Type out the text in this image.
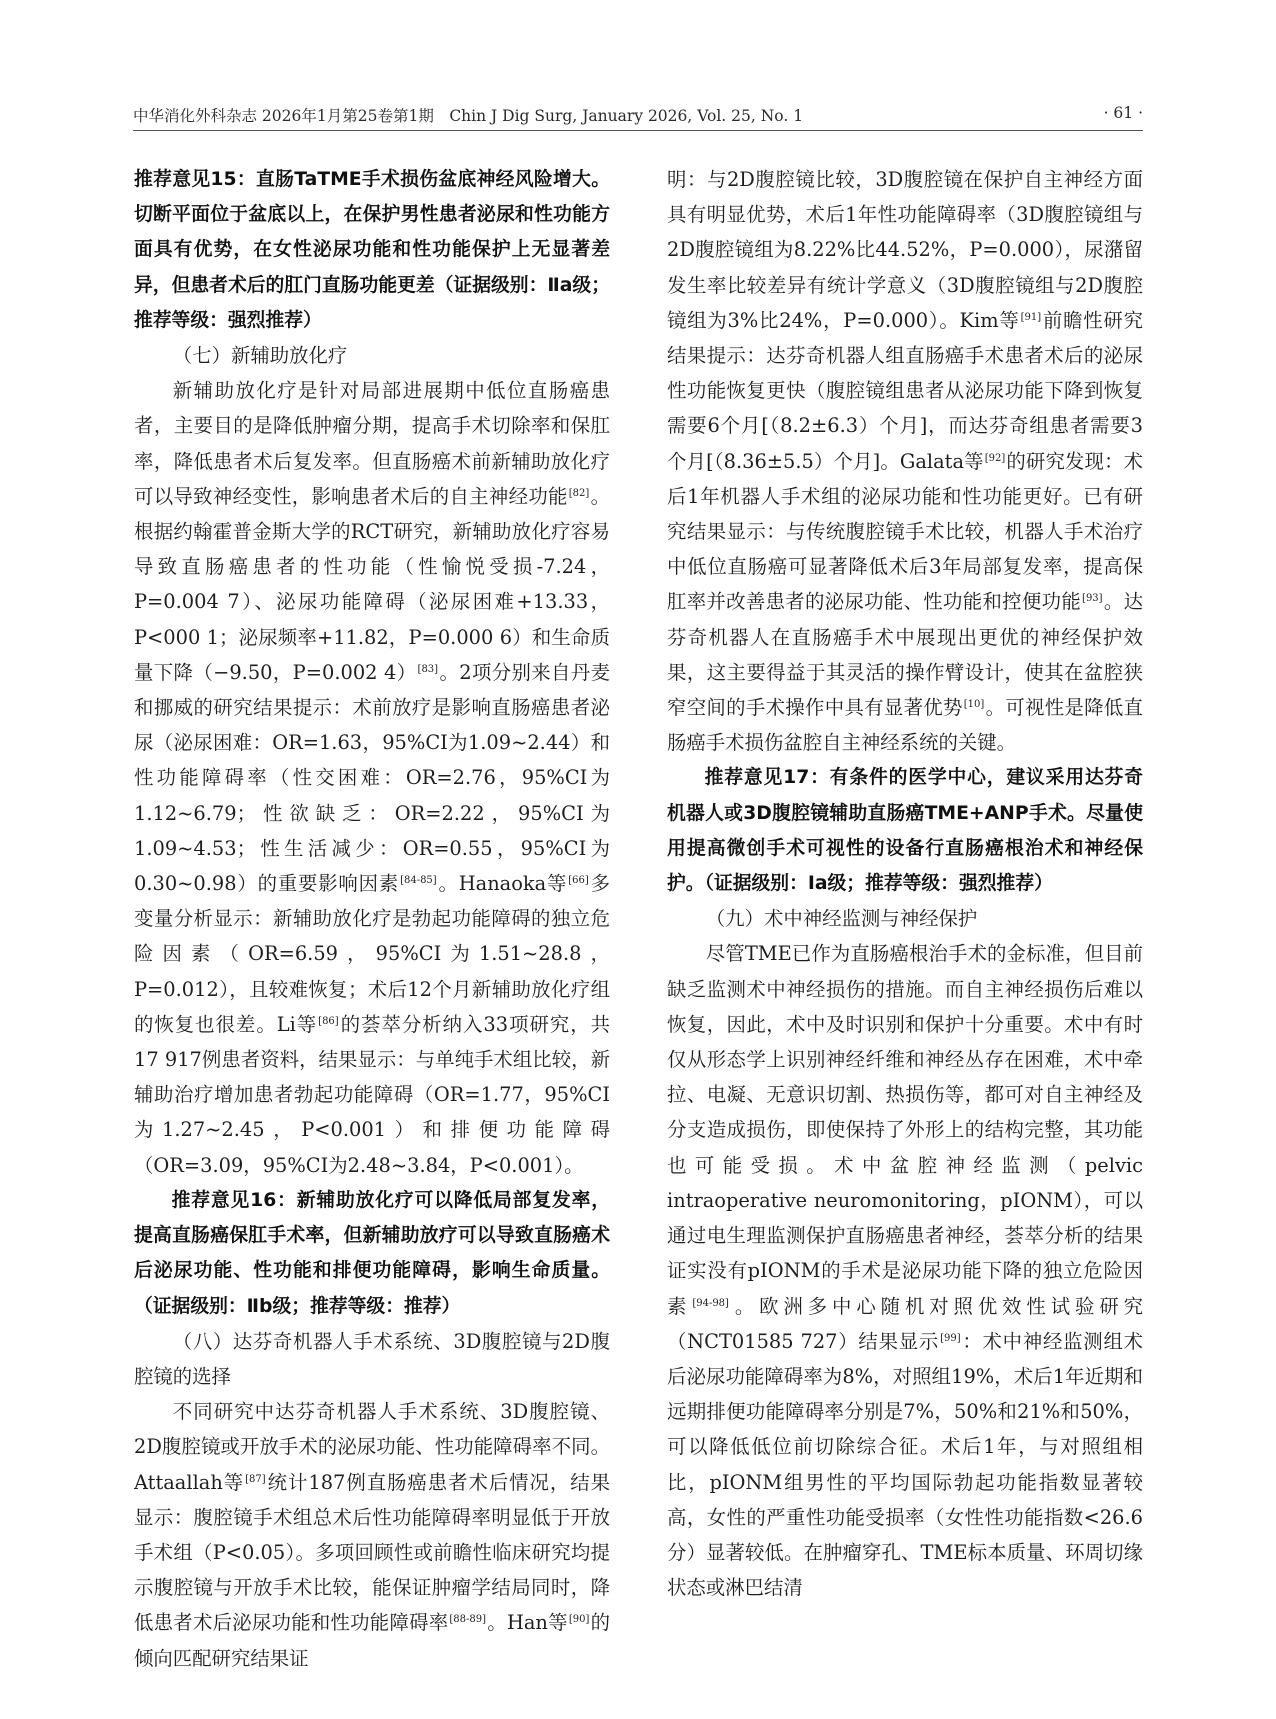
中华消化外科杂志 2026年1月第25卷第1期　Chin J Dig Surg, January 2026, Vol. 25, No. 1	· 61 ·

推荐意见15：直肠TaTME手术损伤盆底神经风险增大。切断平面位于盆底以上，在保护男性患者泌尿和性功能方面具有优势，在女性泌尿功能和性功能保护上无显著差异，但患者术后的肛门直肠功能更差（证据级别：Ⅱa级；推荐等级：强烈推荐）

（七）新辅助放化疗

新辅助放化疗是针对局部进展期中低位直肠癌患者，主要目的是降低肿瘤分期，提高手术切除率和保肛率，降低患者术后复发率。但直肠癌术前新辅助放化疗可以导致神经变性，影响患者术后的自主神经功能[82]。根据约翰霍普金斯大学的RCT研究，新辅助放化疗容易导致直肠癌患者的性功能（性愉悦受损-7.24，P=0.004 7）、泌尿功能障碍（泌尿困难+13.33，P<000 1；泌尿频率+11.82，P=0.000 6）和生命质量下降（−9.50，P=0.002 4）[83]。2项分别来自丹麦和挪威的研究结果提示：术前放疗是影响直肠癌患者泌尿（泌尿困难：OR=1.63，95%CI为1.09~2.44）和性功能障碍率（性交困难：OR=2.76，95%CI为1.12~6.79；性欲缺乏：OR=2.22，95%CI为1.09~4.53；性生活减少：OR=0.55，95%CI为0.30~0.98）的重要影响因素[84-85]。Hanaoka等[66]多变量分析显示：新辅助放化疗是勃起功能障碍的独立危险因素（OR=6.59，95%CI为1.51~28.8，P=0.012），且较难恢复；术后12个月新辅助放化疗组的恢复也很差。Li等[86]的荟萃分析纳入33项研究，共17 917例患者资料，结果显示：与单纯手术组比较，新辅助治疗增加患者勃起功能障碍（OR=1.77，95%CI为1.27~2.45，P<0.001）和排便功能障碍（OR=3.09，95%CI为2.48~3.84，P<0.001）。

推荐意见16：新辅助放化疗可以降低局部复发率，提高直肠癌保肛手术率，但新辅助放疗可以导致直肠癌术后泌尿功能、性功能和排便功能障碍，影响生命质量。（证据级别：Ⅱb级；推荐等级：推荐）

（八）达芬奇机器人手术系统、3D腹腔镜与2D腹腔镜的选择

不同研究中达芬奇机器人手术系统、3D腹腔镜、2D腹腔镜或开放手术的泌尿功能、性功能障碍率不同。Attaallah等[87]统计187例直肠癌患者术后情况，结果显示：腹腔镜手术组总术后性功能障碍率明显低于开放手术组（P<0.05）。多项回顾性或前瞻性临床研究均提示腹腔镜与开放手术比较，能保证肿瘤学结局同时，降低患者术后泌尿功能和性功能障碍率[88-89]。Han等[90]的倾向匹配研究结果证

明：与2D腹腔镜比较，3D腹腔镜在保护自主神经方面具有明显优势，术后1年性功能障碍率（3D腹腔镜组与2D腹腔镜组为8.22%比44.52%，P=0.000），尿潴留发生率比较差异有统计学意义（3D腹腔镜组与2D腹腔镜组为3%比24%，P=0.000）。Kim等[91]前瞻性研究结果提示：达芬奇机器人组直肠癌手术患者术后的泌尿性功能恢复更快（腹腔镜组患者从泌尿功能下降到恢复需要6个月[（8.2±6.3）个月]，而达芬奇组患者需要3个月[（8.36±5.5）个月]。Galata等[92]的研究发现：术后1年机器人手术组的泌尿功能和性功能更好。已有研究结果显示：与传统腹腔镜手术比较，机器人手术治疗中低位直肠癌可显著降低术后3年局部复发率，提高保肛率并改善患者的泌尿功能、性功能和控便功能[93]。达芬奇机器人在直肠癌手术中展现出更优的神经保护效果，这主要得益于其灵活的操作臂设计，使其在盆腔狭窄空间的手术操作中具有显著优势[10]。可视性是降低直肠癌手术损伤盆腔自主神经系统的关键。

推荐意见17：有条件的医学中心，建议采用达芬奇机器人或3D腹腔镜辅助直肠癌TME+ANP手术。尽量使用提高微创手术可视性的设备行直肠癌根治术和神经保护。（证据级别：Ⅰa级；推荐等级：强烈推荐）

（九）术中神经监测与神经保护

尽管TME已作为直肠癌根治手术的金标准，但目前缺乏监测术中神经损伤的措施。而自主神经损伤后难以恢复，因此，术中及时识别和保护十分重要。术中有时仅从形态学上识别神经纤维和神经丛存在困难，术中牵拉、电凝、无意识切割、热损伤等，都可对自主神经及分支造成损伤，即使保持了外形上的结构完整，其功能也可能受损。术中盆腔神经监测（pelvic intraoperative neuromonitoring，pIONM），可以通过电生理监测保护直肠癌患者神经，荟萃分析的结果证实没有pIONM的手术是泌尿功能下降的独立危险因素[94-98]。欧洲多中心随机对照优效性试验研究（NCT01585 727）结果显示[99]：术中神经监测组术后泌尿功能障碍率为8%，对照组19%，术后1年近期和远期排便功能障碍率分别是7%，50%和21%和50%，可以降低低位前切除综合征。术后1年，与对照组相比，pIONM组男性的平均国际勃起功能指数显著较高，女性的严重性功能受损率（女性性功能指数<26.6分）显著较低。在肿瘤穿孔、TME标本质量、环周切缘状态或淋巴结清
